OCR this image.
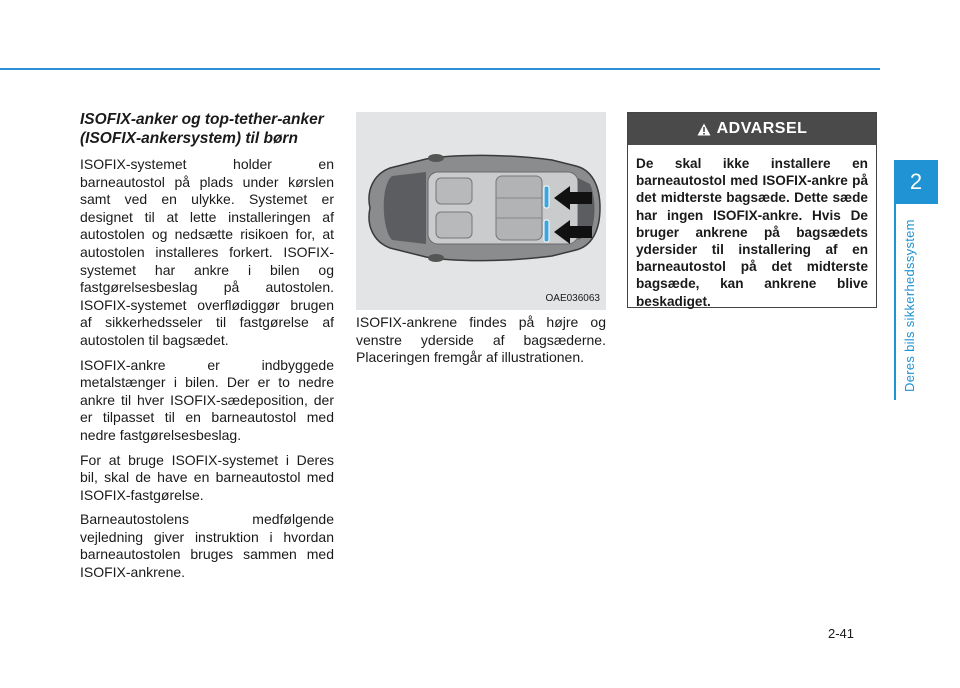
2
Deres bils sikkerhedssystem
ISOFIX-anker og top-tether-anker (ISOFIX-ankersystem) til børn

ISOFIX-systemet holder en barneautostol på plads under kørslen samt ved en ulykke. Systemet er designet til at lette installeringen af autostolen og nedsætte risikoen for, at autostolen installeres forkert. ISOFIX-systemet har ankre i bilen og fastgørelsesbeslag på autostolen. ISOFIX-systemet overflødiggør brugen af sikkerhedsseler til fastgørelse af autostolen til bagsædet.

ISOFIX-ankre er indbyggede metalstænger i bilen. Der er to nedre ankre til hver ISOFIX-sædeposition, der er tilpasset til en barneautostol med nedre fastgørelsesbeslag.

For at bruge ISOFIX-systemet i Deres bil, skal de have en barneautostol med ISOFIX-fastgørelse.

Barneautostolens medfølgende vejledning giver instruktion i hvordan barneautostolen bruges sammen med ISOFIX-ankrene.

OAE036063

ISOFIX-ankrene findes på højre og venstre yderside af bagsæderne. Placeringen fremgår af illustrationen.

ADVARSEL

De skal ikke installere en barneautostol med ISOFIX-ankre på det midterste bagsæde. Dette sæde har ingen ISOFIX-ankre. Hvis De bruger ankrene på bagsædets ydersider til installering af en barneautostol på det midterste bagsæde, kan ankrene blive beskadiget.

2-41
